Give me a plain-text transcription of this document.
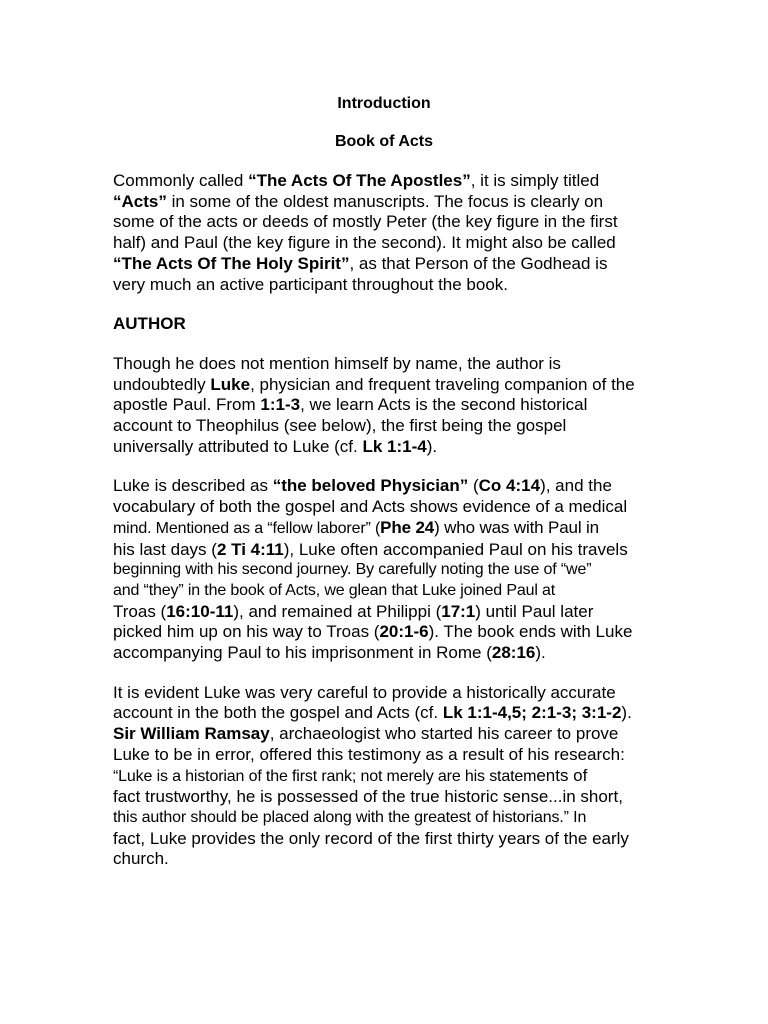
Introduction
Book of Acts
Commonly called “The Acts Of The Apostles”, it is simply titled
“Acts” in some of the oldest manuscripts. The focus is clearly on
some of the acts or deeds of mostly Peter (the key figure in the first
half) and Paul (the key figure in the second). It might also be called
“The Acts Of The Holy Spirit”, as that Person of the Godhead is
very much an active participant throughout the book.
AUTHOR
Though he does not mention himself by name, the author is
undoubtedly Luke, physician and frequent traveling companion of the
apostle Paul. From 1:1-3, we learn Acts is the second historical
account to Theophilus (see below), the first being the gospel
universally attributed to Luke (cf. Lk 1:1-4).
Luke is described as “the beloved Physician” (Co 4:14), and the
vocabulary of both the gospel and Acts shows evidence of a medical
mind. Mentioned as a “fellow laborer” (Phe 24) who was with Paul in
his last days (2 Ti 4:11), Luke often accompanied Paul on his travels
beginning with his second journey. By carefully noting the use of “we”
and “they” in the book of Acts, we glean that Luke joined Paul at
Troas (16:10-11), and remained at Philippi (17:1) until Paul later
picked him up on his way to Troas (20:1-6). The book ends with Luke
accompanying Paul to his imprisonment in Rome (28:16).
It is evident Luke was very careful to provide a historically accurate
account in the both the gospel and Acts (cf. Lk 1:1-4,5; 2:1-3; 3:1-2).
Sir William Ramsay, archaeologist who started his career to prove
Luke to be in error, offered this testimony as a result of his research:
“Luke is a historian of the first rank; not merely are his statements of
fact trustworthy, he is possessed of the true historic sense...in short,
this author should be placed along with the greatest of historians.” In
fact, Luke provides the only record of the first thirty years of the early
church.
